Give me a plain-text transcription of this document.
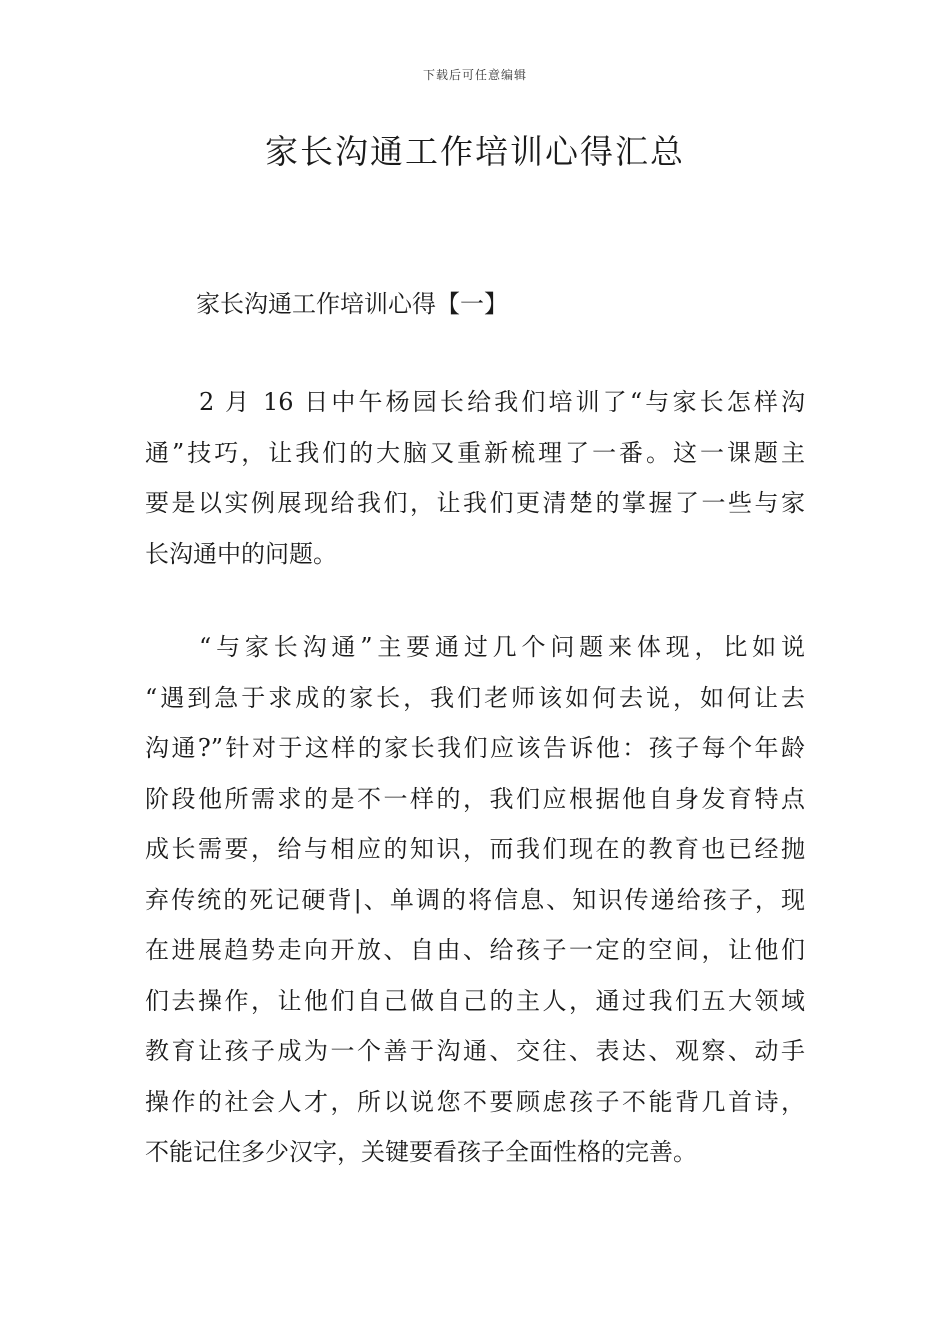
下载后可任意编辑
家长沟通工作培训心得汇总
家长沟通工作培训心得【一】

2 月 16 日中午杨园长给我们培训了“与家长怎样沟
通”技巧，让我们的大脑又重新梳理了一番。这一课题主
要是以实例展现给我们，让我们更清楚的掌握了一些与家
长沟通中的问题。

“与家长沟通”主要通过几个问题来体现，比如说
“遇到急于求成的家长，我们老师该如何去说，如何让去
沟通?”针对于这样的家长我们应该告诉他：孩子每个年龄
阶段他所需求的是不一样的，我们应根据他自身发育特点
成长需要，给与相应的知识，而我们现在的教育也已经抛
弃传统的死记硬背|、单调的将信息、知识传递给孩子，现
在进展趋势走向开放、自由、给孩子一定的空间，让他们
们去操作，让他们自己做自己的主人，通过我们五大领域
教育让孩子成为一个善于沟通、交往、表达、观察、动手
操作的社会人才，所以说您不要顾虑孩子不能背几首诗，
不能记住多少汉字，关键要看孩子全面性格的完善。
